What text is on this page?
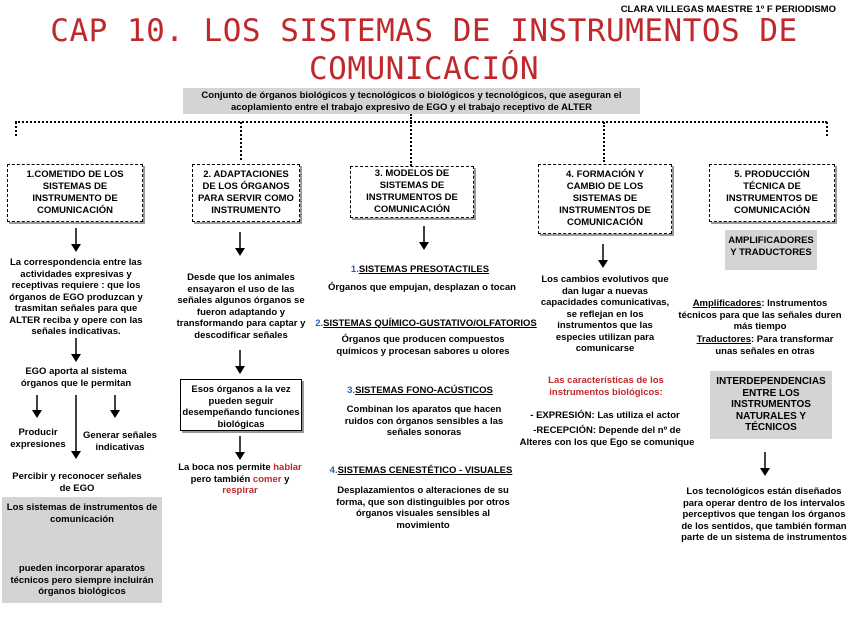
CLARA VILLEGAS MAESTRE 1º F PERIODISMO
CAP 10. LOS SISTEMAS DE INSTRUMENTOS DE
COMUNICACIÓN
Conjunto de órganos biológicos y tecnológicos o biológicos y tecnológicos, que aseguran el
acoplamiento entre el trabajo expresivo de EGO y el trabajo receptivo de ALTER
1.COMETIDO DE LOS SISTEMAS DE INSTRUMENTO DE COMUNICACIÓN
2. ADAPTACIONES DE LOS ÓRGANOS PARA SERVIR COMO INSTRUMENTO
3. MODELOS DE SISTEMAS DE INSTRUMENTOS DE COMUNICACIÓN
4. FORMACIÓN Y CAMBIO DE LOS SISTEMAS DE INSTRUMENTOS DE COMUNICACIÓN
5. PRODUCCIÓN TÉCNICA DE INSTRUMENTOS DE COMUNICACIÓN
La correspondencia entre las actividades expresivas y receptivas requiere : que los órganos de EGO produzcan y trasmitan señales para que ALTER reciba y opere con las señales indicativas.
EGO aporta al sistema órganos que le permitan
Producir expresiones
Generar señales indicativas
Percibir y reconocer señales de EGO
Los sistemas de instrumentos de comunicación
pueden incorporar aparatos técnicos pero siempre incluirán órganos biológicos
Desde que los animales ensayaron el uso de las señales algunos órganos se fueron adaptando y transformando para captar y descodificar señales
Esos órganos a la vez pueden seguir desempeñando funciones biológicas
La boca nos permite hablar pero también comer y respirar
1.SISTEMAS PRESOTACTILES
Órganos que empujan, desplazan o tocan
2.SISTEMAS QUÍMICO-GUSTATIVO/OLFATORIOS
Órganos que producen compuestos químicos y procesan sabores u olores
3.SISTEMAS FONO-ACÚSTICOS
Combinan los aparatos que hacen ruidos con órganos sensibles a las señales sonoras
4.SISTEMAS CENESTÉTICO - VISUALES
Desplazamientos o alteraciones de su forma, que son distinguibles por otros órganos visuales sensibles al movimiento
Los cambios evolutivos que dan lugar a nuevas capacidades comunicativas, se reflejan en los instrumentos que las especies utilizan para comunicarse
Las características de los instrumentos biológicos:
- EXPRESIÓN: Las utiliza el actor
-RECEPCIÓN: Depende del nº de Alteres con los que Ego se comunique
AMPLIFICADORES Y TRADUCTORES
Amplificadores: Instrumentos técnicos para que las señales duren más tiempo
Traductores: Para transformar unas señales en otras
INTERDEPENDENCIAS ENTRE LOS INSTRUMENTOS NATURALES Y TÉCNICOS
Los tecnológicos están diseñados para operar dentro de los intervalos perceptivos que tengan los órganos de los sentidos, que también forman parte de un sistema de instrumentos
